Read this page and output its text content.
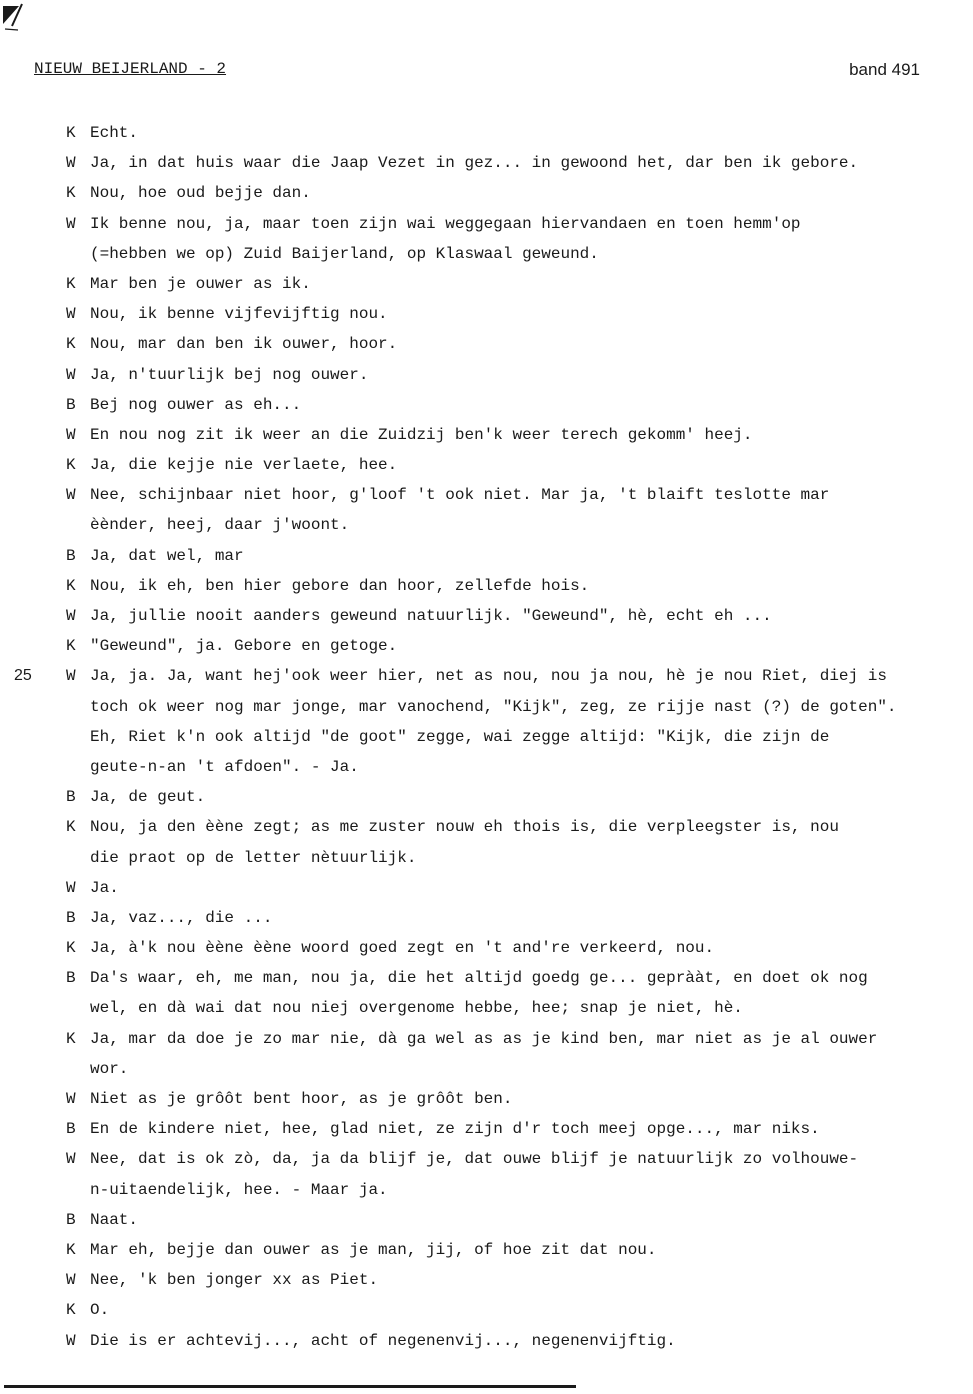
NIEUW BEIJERLAND - 2	band 491
K Echt.
W Ja, in dat huis waar die Jaap Vezet in gez... in gewoond het, dar ben ik gebore.
K Nou, hoe oud bejje dan.
W Ik benne nou, ja, maar toen zijn wai weggegaan hiervandaen en toen hemm'op
(=hebben we op) Zuid Baijerland, op Klaswaal geweund.
K Mar ben je ouwer as ik.
W Nou, ik benne vijfevijftig nou.
K Nou, mar dan ben ik ouwer, hoor.
W Ja, n'tuurlijk bej nog ouwer.
B Bej nog ouwer as eh...
W En nou nog zit ik weer an die Zuidzij ben'k weer terech gekomm' heej.
K Ja, die kejje nie verlaete, hee.
W Nee, schijnbaar niet hoor, g'loof 't ook niet. Mar ja, 't blaift teslotte mar
èènder, heej, daar j'woont.
B Ja, dat wel, mar
K Nou, ik eh, ben hier gebore dan hoor, zellefde hois.
W Ja, jullie nooit aanders geweund natuurlijk. "Geweund", hè, echt eh ...
K "Geweund", ja. Gebore en getoge.
25 W Ja, ja. Ja, want hej'ook weer hier, net as nou, nou ja nou, hè je nou Riet, diej is
toch ok weer nog mar jonge, mar vanochend, "Kijk", zeg, ze rijje nast (?) de goten".
Eh, Riet k'n ook altijd "de goot" zegge, wai zegge altijd: "Kijk, die zijn de
geute-n-an 't afdoen". - Ja.
B Ja, de geut.
K Nou, ja den èène zegt; as me zuster nouw eh thois is, die verpleegster is, nou
die praot op de letter nètuurlijk.
W Ja.
B Ja, vaz..., die ...
K Ja, à'k nou èène èène woord goed zegt en 't and're verkeerd, nou.
B Da's waar, eh, me man, nou ja, die het altijd goedg ge... geprààt, en doet ok nog
wel, en dà wai dat nou niej overgenome hebbe, hee; snap je niet, hè.
K Ja, mar da doe je zo mar nie, dà ga wel as as je kind ben, mar niet as je al ouwer
wor.
W Niet as je grôôt bent hoor, as je grôôt ben.
B En de kindere niet, hee, glad niet, ze zijn d'r toch meej opge..., mar niks.
W Nee, dat is ok zò, da, ja da blijf je, dat ouwe blijf je natuurlijk zo volhouwe-
n-uitaendelijk, hee. - Maar ja.
B Naat.
K Mar eh, bejje dan ouwer as je man, jij, of hoe zit dat nou.
W Nee, 'k ben jonger xx as Piet.
K O.
W Die is er achtevij..., acht of negenenvij..., negenenvijftig.
